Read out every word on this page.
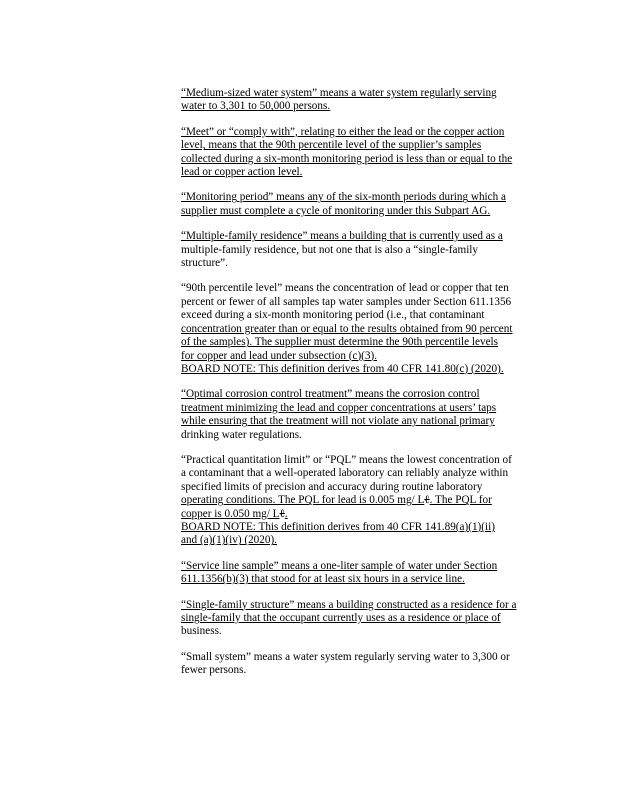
“Medium-sized water system” means a water system regularly serving
water to 3,301 to 50,000 persons.
“Meet” or “comply with”, relating to either the lead or the copper action
level, means that the 90th percentile level of the supplier’s samples
collected during a six-month monitoring period is less than or equal to the
lead or copper action level.
“Monitoring period” means any of the six-month periods during which a
supplier must complete a cycle of monitoring under this Subpart AG.
“Multiple-family residence” means a building that is currently used as a
multiple-family residence, but not one that is also a “single-family
structure”.
“90th percentile level” means the concentration of lead or copper that ten
percent or fewer of all samples tap water samples under Section 611.1356
exceed during a six-month monitoring period (i.e., that contaminant
concentration greater than or equal to the results obtained from 90 percent
of the samples). The supplier must determine the 90th percentile levels
for copper and lead under subsection (c)(3).
BOARD NOTE: This definition derives from 40 CFR 141.80(c) (2020).
“Optimal corrosion control treatment” means the corrosion control
treatment minimizing the lead and copper concentrations at users’ taps
while ensuring that the treatment will not violate any national primary
drinking water regulations.
“Practical quantitation limit” or “PQL” means the lowest concentration of
a contaminant that a well-operated laboratory can reliably analyze within
specified limits of precision and accuracy during routine laboratory
operating conditions. The PQL for lead is 0.005 mg/ Lℓ. The PQL for
copper is 0.050 mg/ Lℓ.
BOARD NOTE: This definition derives from 40 CFR 141.89(a)(1)(ii)
and (a)(1)(iv) (2020).
“Service line sample” means a one-liter sample of water under Section
611.1356(b)(3) that stood for at least six hours in a service line.
“Single-family structure” means a building constructed as a residence for a
single-family that the occupant currently uses as a residence or place of
business.
“Small system” means a water system regularly serving water to 3,300 or
fewer persons.
